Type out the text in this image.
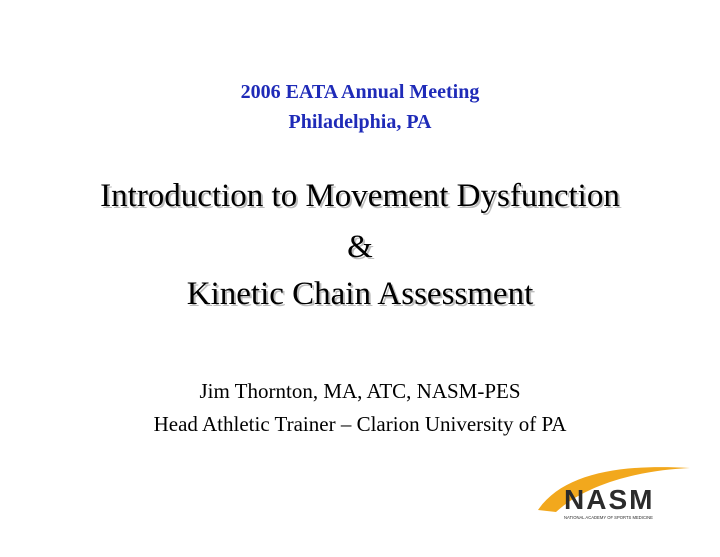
2006 EATA Annual Meeting
Philadelphia, PA
Introduction to Movement Dysfunction
&
Kinetic Chain Assessment
Jim Thornton, MA, ATC, NASM-PES
Head Athletic Trainer – Clarion University of PA
NASM
NATIONAL ACADEMY OF SPORTS MEDICINE
